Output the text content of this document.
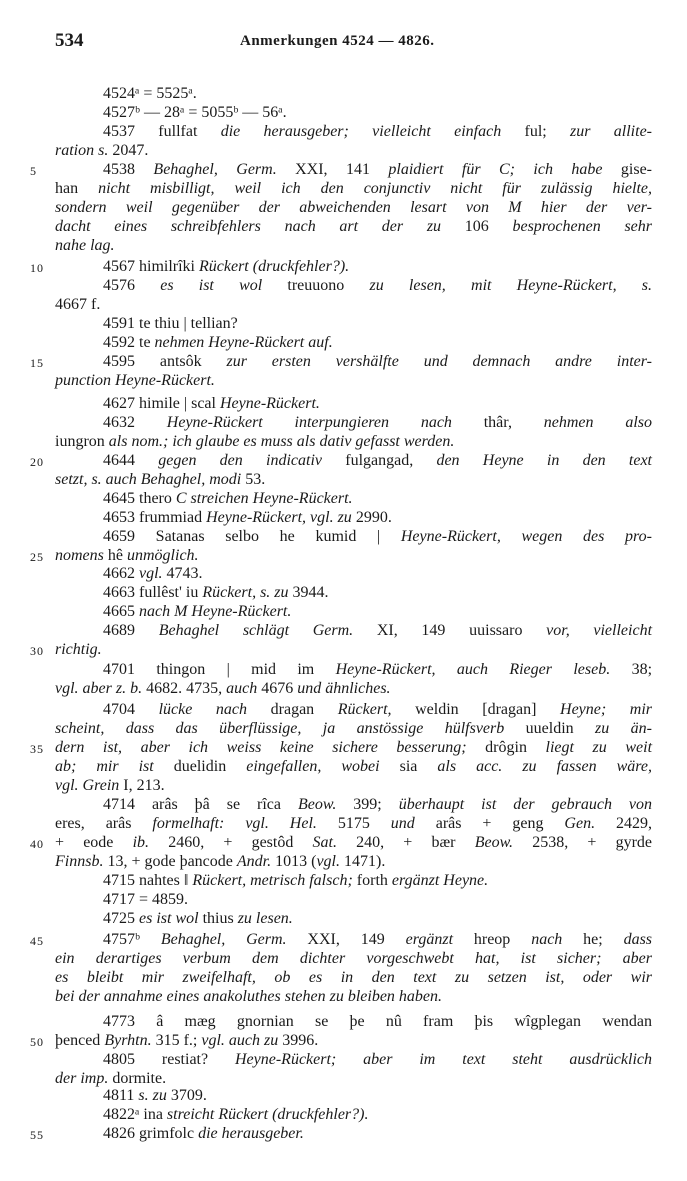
534	Anmerkungen 4524 — 4826.
4524ᵃ = 5525ᵃ.
4527ᵇ — 28ᵃ = 5055ᵇ — 56ᵃ.
4537 fullfat die herausgeber; vielleicht einfach ful; zur allite-
ration s. 2047.
5	4538 Behaghel, Germ. XXI, 141 plaidiert für C; ich habe gise-
han nicht misbilligt, weil ich den conjunctiv nicht für zulässig hielte,
sondern weil gegenüber der abweichenden lesart von M hier der ver-
dacht eines schreibfehlers nach art der zu 106 besprochenen sehr
nahe lag.
10	4567 himilrîki Rückert (druckfehler?).
4576 es ist wol treuuono zu lesen, mit Heyne-Rückert, s.
4667 f.
4591 te thiu | tellian?
4592 te nehmen Heyne-Rückert auf.
15	4595 antsôk zur ersten vershälfte und demnach andre inter-
punction Heyne-Rückert.
4627 himile | scal Heyne-Rückert.
4632 Heyne-Rückert interpungieren nach thâr, nehmen also
iungron als nom.; ich glaube es muss als dativ gefasst werden.
20	4644 gegen den indicativ fulgangad, den Heyne in den text
setzt, s. auch Behaghel, modi 53.
4645 thero C streichen Heyne-Rückert.
4653 frummiad Heyne-Rückert, vgl. zu 2990.
4659 Satanas selbo he kumid | Heyne-Rückert, wegen des pro-
25 nomens hê unmöglich.
4662 vgl. 4743.
4663 fullêst' iu Rückert, s. zu 3944.
4665 nach M Heyne-Rückert.
4689 Behaghel schlägt Germ. XI, 149 uuissaro vor, vielleicht
30 richtig.
4701 thingon | mid im Heyne-Rückert, auch Rieger leseb. 38;
vgl. aber z. b. 4682. 4735, auch 4676 und ähnliches.
4704 lücke nach dragan Rückert, weldin [dragan] Heyne; mir
scheint, dass das überflüssige, ja anstössige hülfsverb uueldin zu än-
35 dern ist, aber ich weiss keine sichere besserung; drôgin liegt zu weit
ab; mir ist duelidin eingefallen, wobei sia als acc. zu fassen wäre,
vgl. Grein I, 213.
4714 arâs þâ se rîca Beow. 399; überhaupt ist der gebrauch von
eres, arâs formelhaft: vgl. Hel. 5175 und arâs + geng Gen. 2429,
40 + eode ib. 2460, + gestôd Sat. 240, + bær Beow. 2538, + gyrde
Finnsb. 13, + gode þancode Andr. 1013 (vgl. 1471).
4715 nahtes ‖ Rückert, metrisch falsch; forth ergänzt Heyne.
4717 = 4859.
4725 es ist wol thius zu lesen.
45	4757ᵇ Behaghel, Germ. XXI, 149 ergänzt hreop nach he; dass
ein derartiges verbum dem dichter vorgeschwebt hat, ist sicher; aber
es bleibt mir zweifelhaft, ob es in den text zu setzen ist, oder wir
bei der annahme eines anakoluthes stehen zu bleiben haben.
4773 â mæg gnornian se þe nû fram þis wîgplegan wendan
50 þenced Byrhtn. 315 f.; vgl. auch zu 3996.
4805 restiat? Heyne-Rückert; aber im text steht ausdrücklich
der imp. dormite.
4811 s. zu 3709.
4822ᵃ ina streicht Rückert (druckfehler?).
55	4826 grimfolc die herausgeber.
